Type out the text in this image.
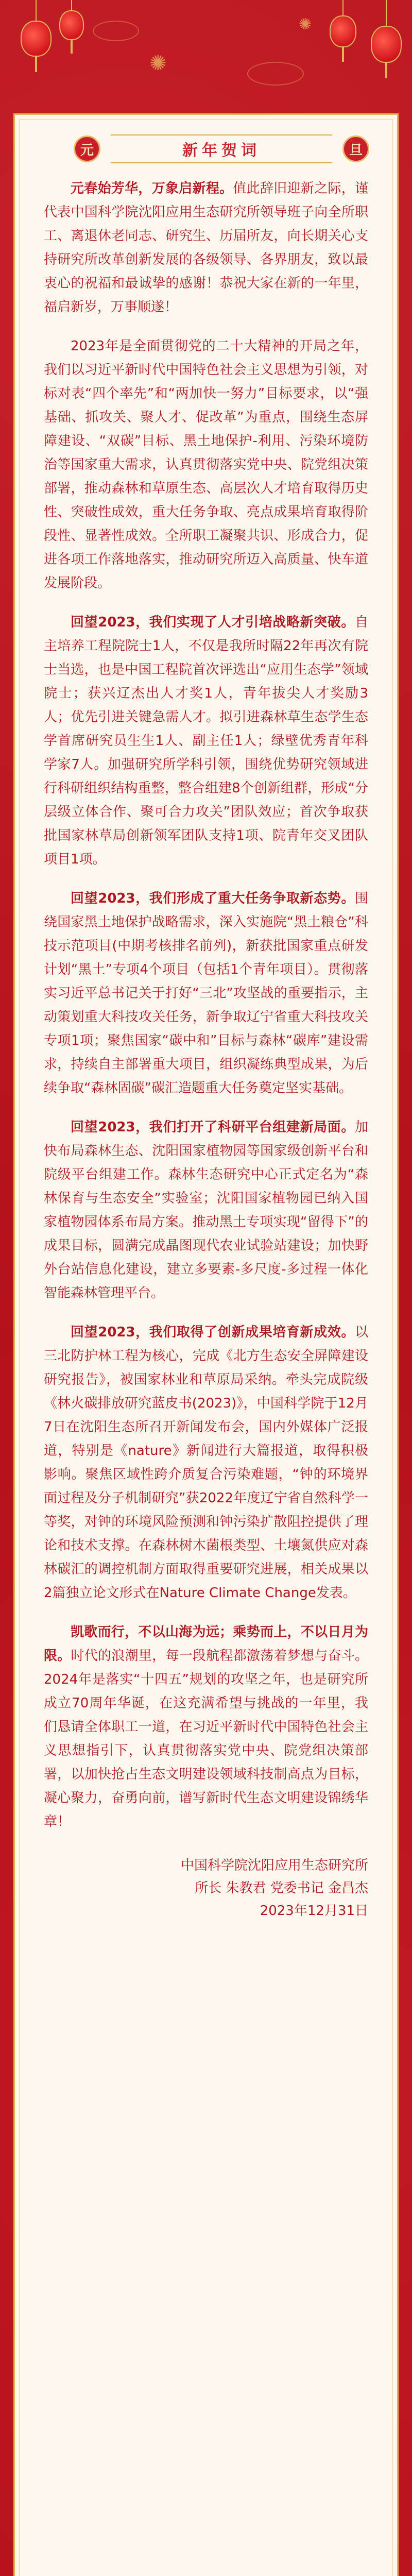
✺
✺
元	新年贺词	旦

元春始芳华，万象启新程。值此辞旧迎新之际，谨代表中国科学院沈阳应用生态研究所领导班子向全所职工、离退休老同志、研究生、历届所友，向长期关心支持研究所改革创新发展的各级领导、各界朋友，致以最衷心的祝福和最诚挚的感谢！恭祝大家在新的一年里，福启新岁，万事顺遂！

2023年是全面贯彻党的二十大精神的开局之年，我们以习近平新时代中国特色社会主义思想为引领，对标对表“四个率先”和“两加快一努力”目标要求，以“强基础、抓攻关、聚人才、促改革”为重点，围绕生态屏障建设、“双碳”目标、黑土地保护-利用、污染环境防治等国家重大需求，认真贯彻落实党中央、院党组决策部署，推动森林和草原生态、高层次人才培育取得历史性、突破性成效，重大任务争取、亮点成果培育取得阶段性、显著性成效。全所职工凝聚共识、形成合力，促进各项工作落地落实，推动研究所迈入高质量、快车道发展阶段。

回望2023，我们实现了人才引培战略新突破。自主培养工程院院士1人，不仅是我所时隔22年再次有院士当选，也是中国工程院首次评选出“应用生态学”领域院士；获兴辽杰出人才奖1人，青年拔尖人才奖励3人；优先引进关键急需人才。拟引进森林草生态学生态学首席研究员生生1人、副主任1人；绿壁优秀青年科学家7人。加强研究所学科引领，围绕优势研究领域进行科研组织结构重整，整合组建8个创新组群，形成“分层级立体合作、聚可合力攻关”团队效应；首次争取获批国家林草局创新领军团队支持1项、院青年交叉团队项目1项。

回望2023，我们形成了重大任务争取新态势。围绕国家黑土地保护战略需求，深入实施院“黑土粮仓”科技示范项目(中期考核排名前列)，新获批国家重点研发计划“黑土”专项4个项目（包括1个青年项目）。贯彻落实习近平总书记关于打好“三北”攻坚战的重要指示，主动策划重大科技攻关任务，新争取辽宁省重大科技攻关专项1项；聚焦国家“碳中和”目标与森林“碳库”建设需求，持续自主部署重大项目，组织凝练典型成果，为后续争取“森林固碳”碳汇造题重大任务奠定坚实基础。

回望2023，我们打开了科研平台组建新局面。加快布局森林生态、沈阳国家植物园等国家级创新平台和院级平台组建工作。森林生态研究中心正式定名为“森林保育与生态安全”实验室；沈阳国家植物园已纳入国家植物园体系布局方案。推动黑土专项实现“留得下”的成果目标，圆满完成晶图现代农业试验站建设；加快野外台站信息化建设，建立多要素-多尺度-多过程一体化智能森林管理平台。

回望2023，我们取得了创新成果培育新成效。以三北防护林工程为核心，完成《北方生态安全屏障建设研究报告》，被国家林业和草原局采纳。牵头完成院级《林火碳排放研究蓝皮书(2023)》，中国科学院于12月7日在沈阳生态所召开新闻发布会，国内外媒体广泛报道，特别是《nature》新闻进行大篇报道，取得积极影响。聚焦区域性跨介质复合污染难题，“钟的环境界面过程及分子机制研究”获2022年度辽宁省自然科学一等奖，对钟的环境风险预测和钟污染扩散阻控提供了理论和技术支撑。在森林树木菌根类型、土壤氮供应对森林碳汇的调控机制方面取得重要研究进展，相关成果以2篇独立论文形式在Nature Climate Change发表。

凯歌而行，不以山海为远；乘势而上，不以日月为限。时代的浪潮里，每一段航程都激荡着梦想与奋斗。2024年是落实“十四五”规划的攻坚之年，也是研究所成立70周年华诞，在这充满希望与挑战的一年里，我们恳请全体职工一道，在习近平新时代中国特色社会主义思想指引下，认真贯彻落实党中央、院党组决策部署，以加快抢占生态文明建设领域科技制高点为目标，凝心聚力，奋勇向前，谱写新时代生态文明建设锦绣华章！

中国科学院沈阳应用生态研究所
所长 朱教君 党委书记 金昌杰
2023年12月31日
